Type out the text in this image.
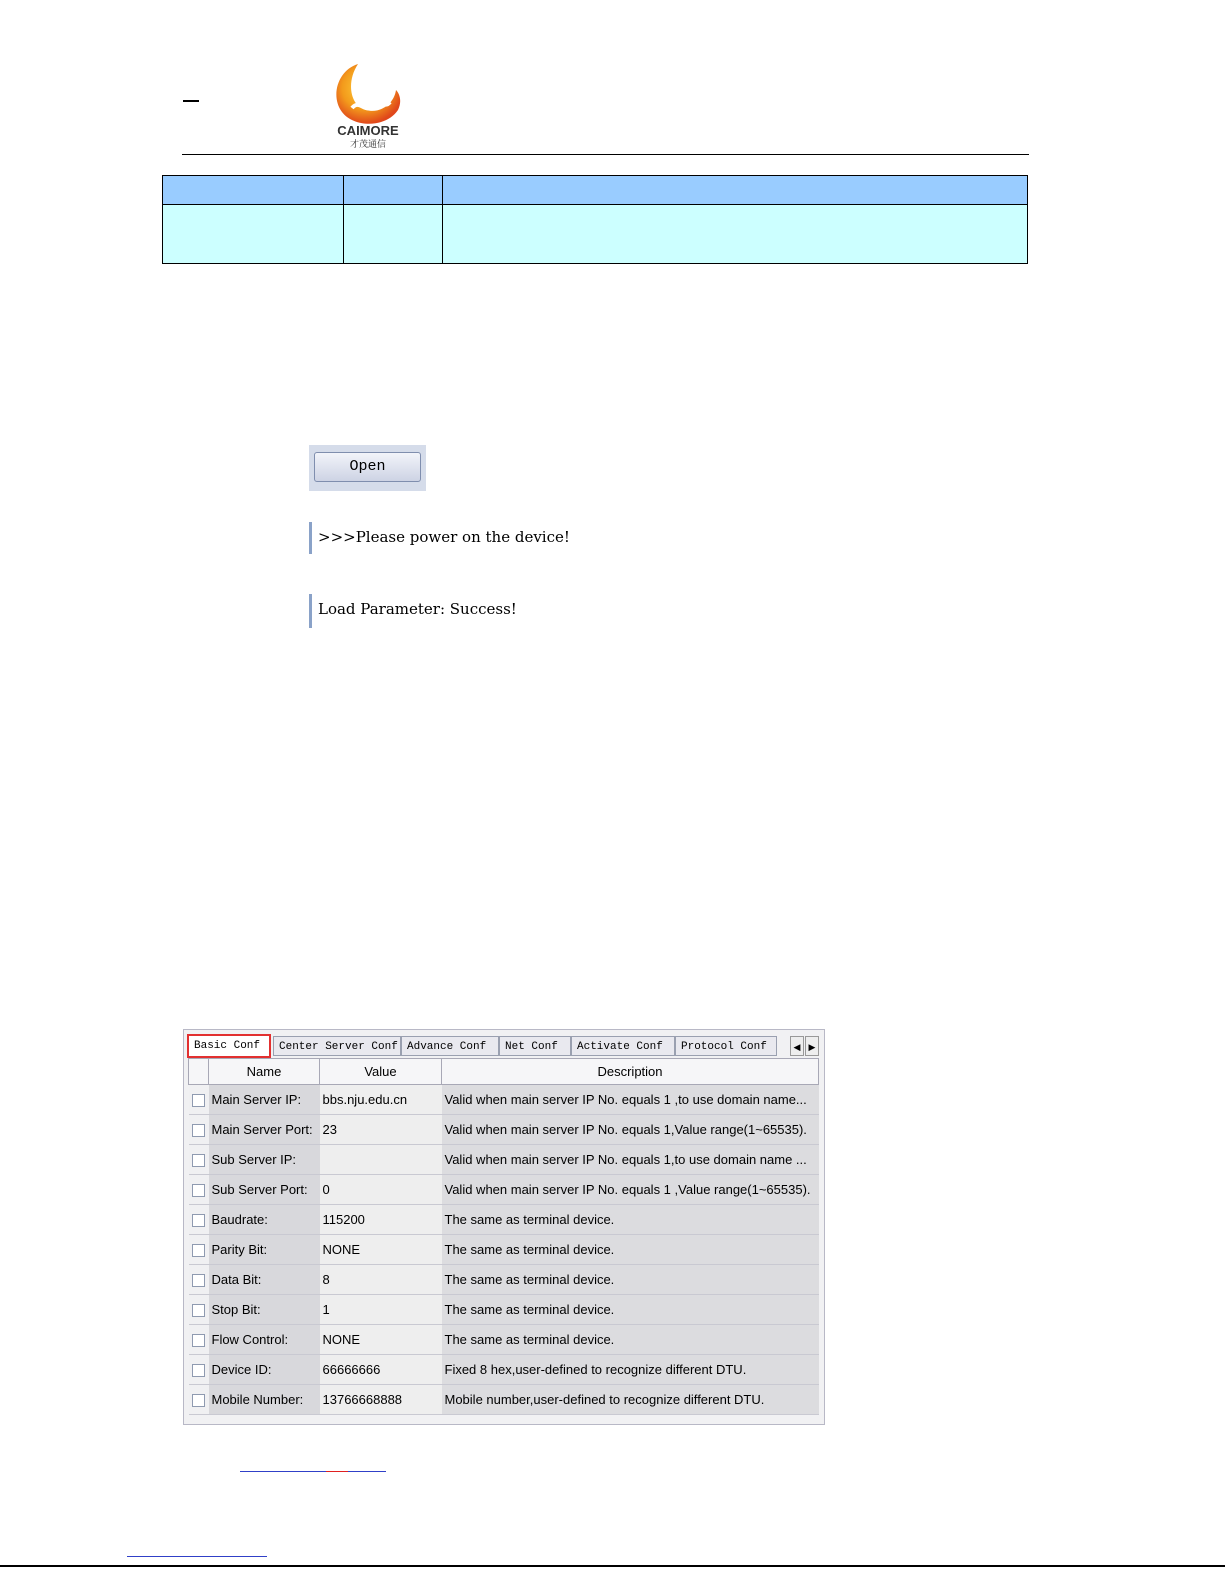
CAIMORE
才茂通信

Open

>>>Please power on the device!

Load Parameter: Success!
Basic Conf	Center Server Conf Advance Conf	Net Conf	Activate Conf	Protocol Conf	◀ ▶
	Name	Value	Description
	Main Server IP:	bbs.nju.edu.cn	Valid when main server IP No. equals 1 ,to use domain name...
	Main Server Port:	23	Valid when main server IP No. equals 1,Value range(1~65535).
	Sub Server IP:		Valid when main server IP No. equals 1,to use domain name ...
	Sub Server Port:	0	Valid when main server IP No. equals 1 ,Value range(1~65535).
	Baudrate:	115200	The same as terminal device.
	Parity Bit:	NONE	The same as terminal device.
	Data Bit:	8	The same as terminal device.
	Stop Bit:	1	The same as terminal device.
	Flow Control:	NONE	The same as terminal device.
	Device ID:	66666666	Fixed 8 hex,user-defined to recognize different DTU.
	Mobile Number:	13766668888	Mobile number,user-defined to recognize different DTU.
